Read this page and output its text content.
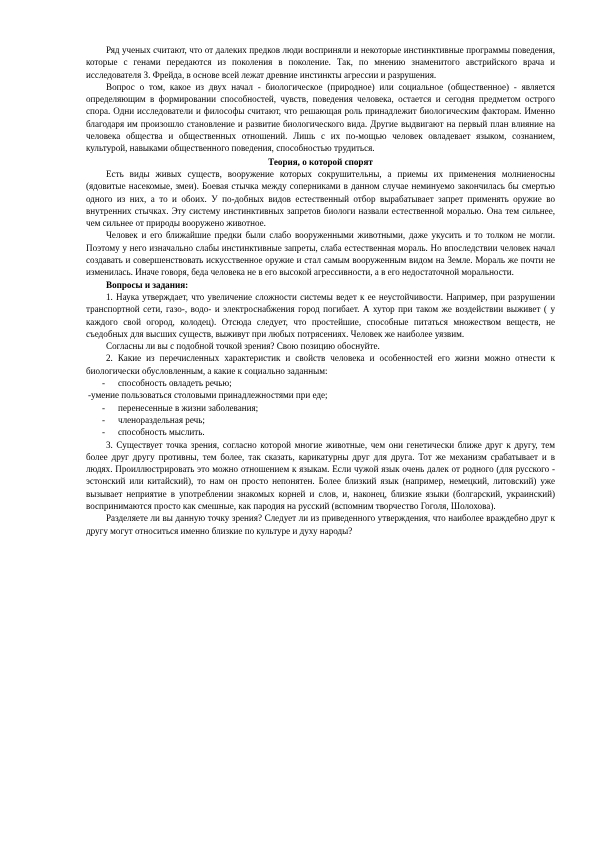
Ряд ученых считают, что от далеких предков люди восприняли и некоторые инстинктивные программы поведения, которые с генами передаются из поколения в поколение. Так, по мнению знаменитого австрийского врача и исследователя З. Фрейда, в основе всей лежат древние инстинкты агрессии и разрушения.

Вопрос о том, какое из двух начал - биологическое (природное) или социальное (общественное) - является определяющим в формировании способностей, чувств, поведения человека, остается и сегодня предметом острого спора. Одни исследователи и философы считают, что решающая роль принадлежит биологическим факторам. Именно благодаря им произошло становление и развитие биологического вида. Другие выдвигают на первый план влияние на человека общества и общественных отношений. Лишь с их по-мощью человек овладевает языком, сознанием, культурой, навыками общественного поведения, способностью трудиться.

Теория, о которой спорят

Есть виды живых существ, вооружение которых сокрушительны, а приемы их применения молниеносны (ядовитые насекомые, змеи). Боевая стычка между соперниками в данном случае неминуемо закончилась бы смертью одного из них, а то и обоих. У по-добных видов естественный отбор вырабатывает запрет применять оружие во внутренних стычках. Эту систему инстинктивных запретов биологи назвали естественной моралью. Она тем сильнее, чем сильнее от природы вооружено животное.

Человек и его ближайшие предки были слабо вооруженными животными, даже укусить и то толком не могли. Поэтому у него изначально слабы инстинктивные запреты, слаба естественная мораль. Но впоследствии человек начал создавать и совершенствовать искусственное оружие и стал самым вооруженным видом на Земле. Мораль же почти не изменилась. Иначе говоря, беда человека не в его высокой агрессивности, а в его недостаточной моральности.

Вопросы и задания:

1. Наука утверждает, что увеличение сложности системы ведет к ее неустойчивости. Например, при разрушении транспортной сети, газо-, водо- и электроснабжения город погибает. А хутор при таком же воздействии выживет ( у каждого свой огород, колодец). Отсюда следует, что простейшие, способные питаться множеством веществ, не съедобных для высших существ, выживут при любых потрясениях. Человек же наиболее уязвим.

Согласны ли вы с подобной точкой зрения? Свою позицию обоснуйте.

2. Какие из перечисленных характеристик и свойств человека и особенностей его жизни можно отнести к биологически обусловленным, а какие к социально заданным:

- способность овладеть речью;
-умение пользоваться столовыми принадлежностями при еде;
- перенесенные в жизни заболевания;
- членораздельная речь;
- способность мыслить.

3. Существует точка зрения, согласно которой многие животные, чем они генетически ближе друг к другу, тем более друг другу противны, тем более, так сказать, карикатурны друг для друга. Тот же механизм срабатывает и в людях. Проиллюстрировать это можно отношением к языкам. Если чужой язык очень далек от родного (для русского - эстонский или китайский), то нам он просто непонятен. Более близкий язык (например, немецкий, литовский) уже вызывает неприятие в употреблении знакомых корней и слов, и, наконец, близкие языки (болгарский, украинский) воспринимаются просто как смешные, как пародия на русский (вспомним творчество Гоголя, Шолохова).

Разделяете ли вы данную точку зрения? Следует ли из приведенного утверждения, что наиболее враждебно друг к другу могут относиться именно близкие по культуре и духу народы?
